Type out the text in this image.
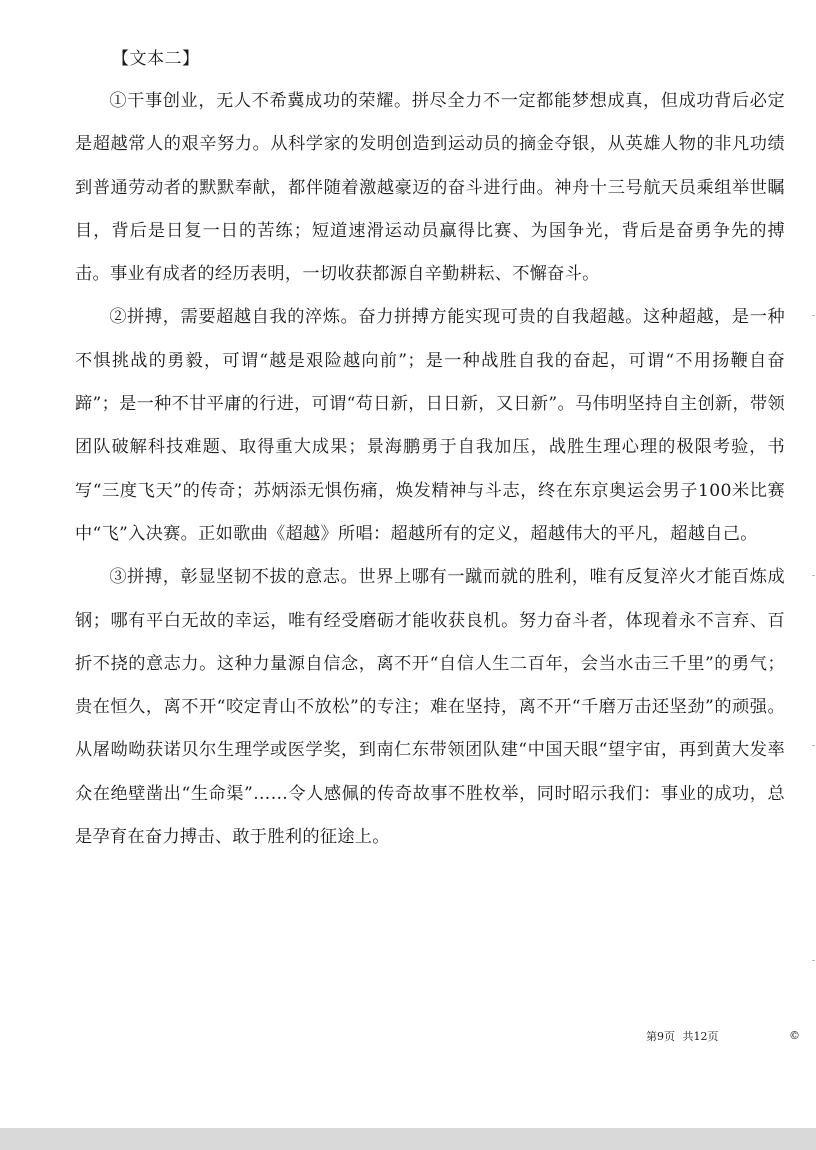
【文本二】

①干事创业，无人不希冀成功的荣耀。拼尽全力不一定都能梦想成真，但成功背后必定是超越常人的艰辛努力。从科学家的发明创造到运动员的摘金夺银，从英雄人物的非凡功绩到普通劳动者的默默奉献，都伴随着激越豪迈的奋斗进行曲。神舟十三号航天员乘组举世瞩目，背后是日复一日的苦练；短道速滑运动员赢得比赛、为国争光，背后是奋勇争先的搏击。事业有成者的经历表明，一切收获都源自辛勤耕耘、不懈奋斗。

②拼搏，需要超越自我的淬炼。奋力拼搏方能实现可贵的自我超越。这种超越，是一种不惧挑战的勇毅，可谓“越是艰险越向前”；是一种战胜自我的奋起，可谓“不用扬鞭自奋蹄”；是一种不甘平庸的行进，可谓“苟日新，日日新，又日新”。马伟明坚持自主创新，带领团队破解科技难题、取得重大成果；景海鹏勇于自我加压，战胜生理心理的极限考验，书写“三度飞天”的传奇；苏炳添无惧伤痛，焕发精神与斗志，终在东京奥运会男子100米比赛中“飞”入决赛。正如歌曲《超越》所唱：超越所有的定义，超越伟大的平凡，超越自己。

③拼搏，彰显坚韧不拔的意志。世界上哪有一蹴而就的胜利，唯有反复淬火才能百炼成钢；哪有平白无故的幸运，唯有经受磨砺才能收获良机。努力奋斗者，体现着永不言弃、百折不挠的意志力。这种力量源自信念，离不开“自信人生二百年，会当水击三千里”的勇气；贵在恒久，离不开“咬定青山不放松”的专注；难在坚持，离不开“千磨万击还坚劲”的顽强。从屠呦呦获诺贝尔生理学或医学奖，到南仁东带领团队建“中国天眼“望宇宙，再到黄大发率众在绝壁凿出“生命渠”……令人感佩的传奇故事不胜枚举，同时昭示我们：事业的成功，总是孕育在奋力搏击、敢于胜利的征途上。

第9页 共12页	©
